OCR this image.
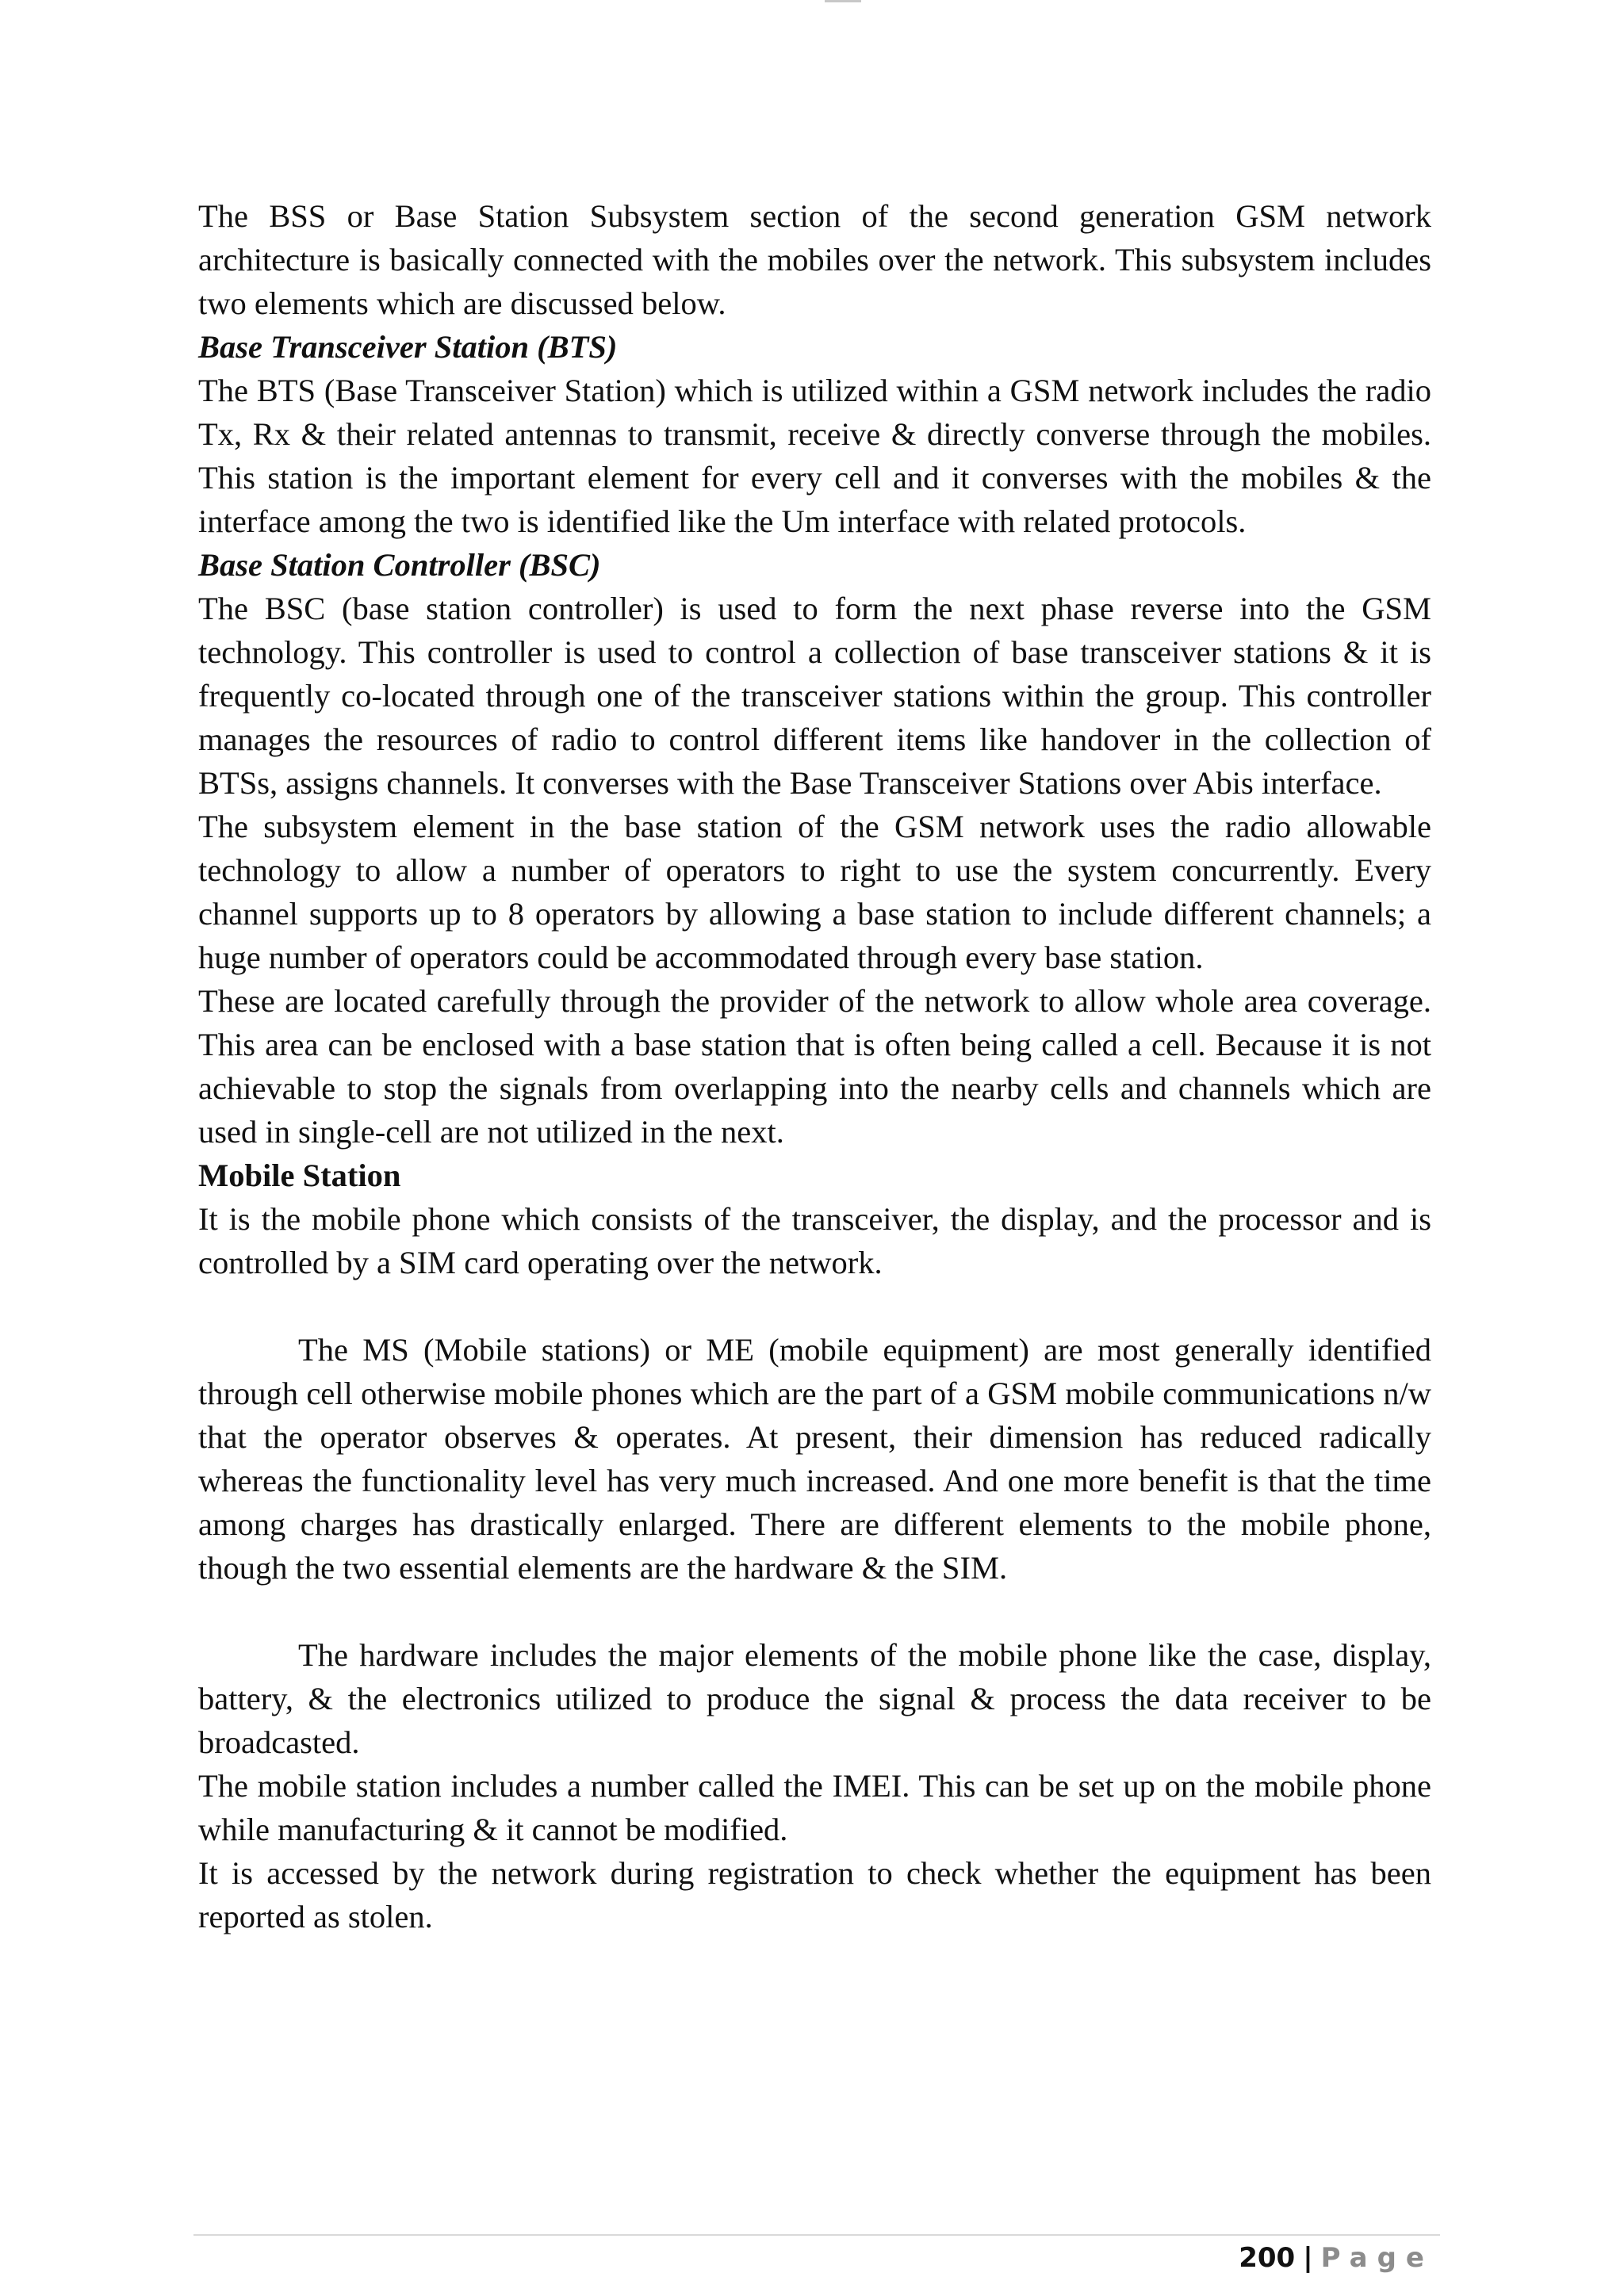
The BSS or Base Station Subsystem section of the second generation GSM network architecture is basically connected with the mobiles over the network. This subsystem includes two elements which are discussed below.

Base Transceiver Station (BTS)

The BTS (Base Transceiver Station) which is utilized within a GSM network includes the radio Tx, Rx & their related antennas to transmit, receive & directly converse through the mobiles. This station is the important element for every cell and it converses with the mobiles & the interface among the two is identified like the Um interface with related protocols.

Base Station Controller (BSC)

The BSC (base station controller) is used to form the next phase reverse into the GSM technology. This controller is used to control a collection of base transceiver stations & it is frequently co-located through one of the transceiver stations within the group. This controller manages the resources of radio to control different items like handover in the collection of BTSs, assigns channels. It converses with the Base Transceiver Stations over Abis interface.

The subsystem element in the base station of the GSM network uses the radio allowable technology to allow a number of operators to right to use the system concurrently. Every channel supports up to 8 operators by allowing a base station to include different channels; a huge number of operators could be accommodated through every base station.

These are located carefully through the provider of the network to allow whole area coverage. This area can be enclosed with a base station that is often being called a cell. Because it is not achievable to stop the signals from overlapping into the nearby cells and channels which are used in single-cell are not utilized in the next.

Mobile Station

It is the mobile phone which consists of the transceiver, the display, and the processor and is controlled by a SIM card operating over the network.

The MS (Mobile stations) or ME (mobile equipment) are most generally identified through cell otherwise mobile phones which are the part of a GSM mobile communications n/w that the operator observes & operates. At present, their dimension has reduced radically whereas the functionality level has very much increased. And one more benefit is that the time among charges has drastically enlarged. There are different elements to the mobile phone, though the two essential elements are the hardware & the SIM.

The hardware includes the major elements of the mobile phone like the case, display, battery, & the electronics utilized to produce the signal & process the data receiver to be broadcasted.

The mobile station includes a number called the IMEI. This can be set up on the mobile phone while manufacturing & it cannot be modified.

It is accessed by the network during registration to check whether the equipment has been reported as stolen.

200 | Page
